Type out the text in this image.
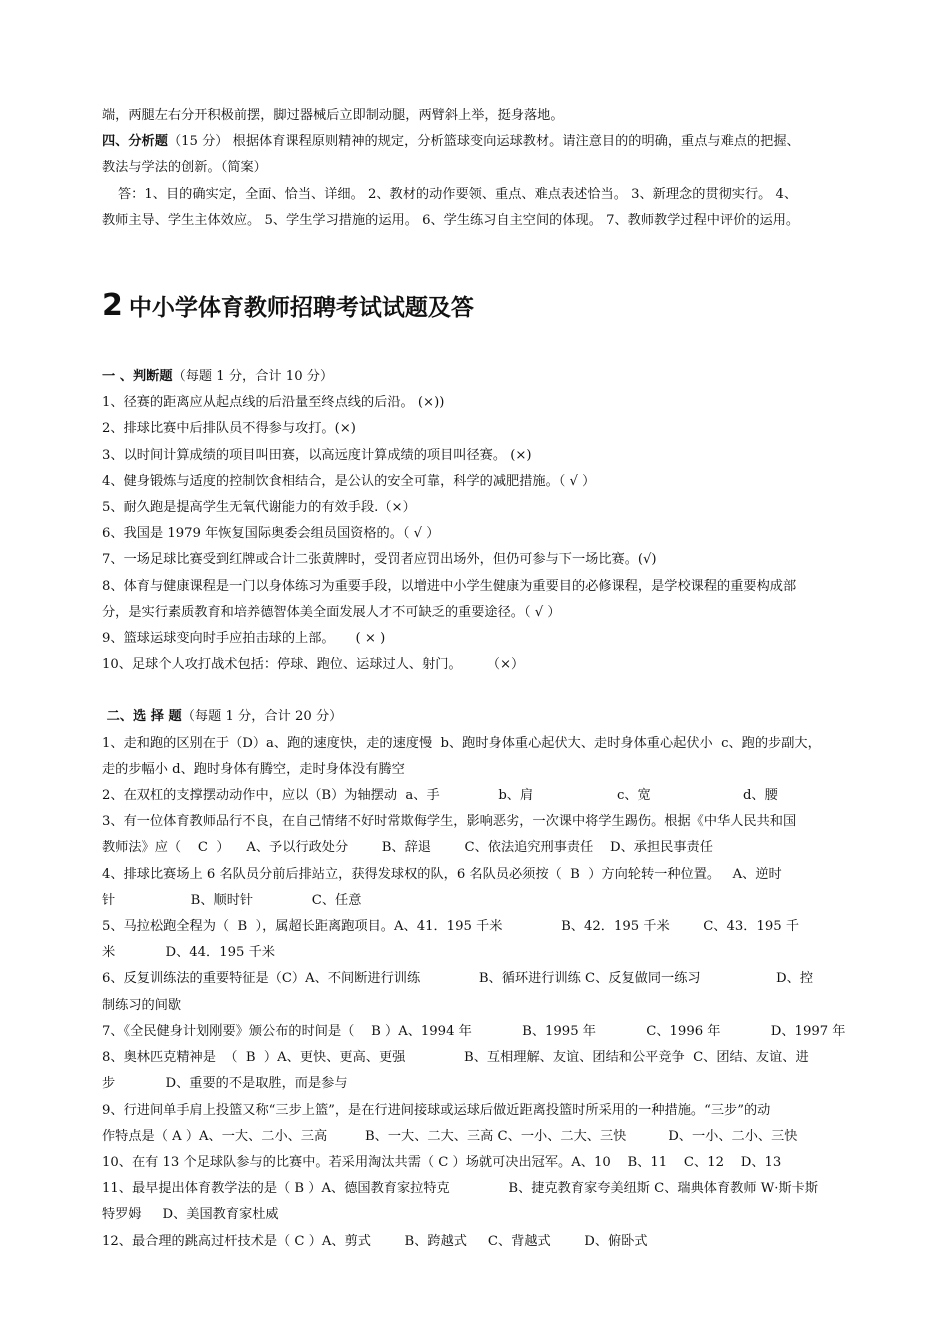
端，两腿左右分开积极前摆，脚过器械后立即制动腿，两臂斜上举，挺身落地。
四、分析题（15 分） 根据体育课程原则精神的规定，分析篮球变向运球教材。请注意目的的明确，重点与难点的把握、
教法与学法的创新。（简案）
答：1、目的确实定，全面、恰当、详细。 2、教材的动作要领、重点、难点表述恰当。 3、新理念的贯彻实行。 4、
教师主导、学生主体效应。 5、学生学习措施的运用。 6、学生练习自主空间的体现。 7、教师教学过程中评价的运用。
2 中小学体育教师招聘考试试题及答
一 、判断题（每题 1 分，合计 10 分）
1、径赛的距离应从起点线的后沿量至终点线的后沿。 (×))
2、排球比赛中后排队员不得参与攻打。(×)
3、以时间计算成绩的项目叫田赛，以高远度计算成绩的项目叫径赛。 (×)
4、健身锻炼与适度的控制饮食相结合，是公认的安全可靠，科学的减肥措施。（ √ ）
5、耐久跑是提高学生无氧代谢能力的有效手段.（×）
6、我国是 1979 年恢复国际奥委会组员国资格的。（ √ ）
7、一场足球比赛受到红牌或合计二张黄牌时，受罚者应罚出场外，但仍可参与下一场比赛。(√)
8、体育与健康课程是一门以身体练习为重要手段，以增进中小学生健康为重要目的必修课程，是学校课程的重要构成部
分，是实行素质教育和培养德智体美全面发展人才不可缺乏的重要途径。（ √ ）
9、篮球运球变向时手应拍击球的上部。     ( × )
10、足球个人攻打战术包括：停球、跑位、运球过人、射门。      （×）
二、选 择 题（每题 1 分，合计 20 分）
1、走和跑的区别在于（D）a、跑的速度快，走的速度慢  b、跑时身体重心起伏大、走时身体重心起伏小  c、跑的步副大，
走的步幅小 d、跑时身体有腾空，走时身体没有腾空
2、在双杠的支撑摆动动作中，应以（B）为轴摆动  a、手              b、肩                    c、宽                      d、腰
3、有一位体育教师品行不良，在自己情绪不好时常欺侮学生，影响恶劣，一次课中将学生踢伤。根据《中华人民共和国
教师法》应（    C  ）    A、予以行政处分        B、辞退        C、依法追究刑事责任    D、承担民事责任
4、排球比赛场上 6 名队员分前后排站立，获得发球权的队，6 名队员必须按（  B  ）方向轮转一种位置。   A、逆时
针                  B、顺时针              C、任意
5、马拉松跑全程为（  B  ），属超长距离跑项目。A、41．195 千米              B、42．195 千米        C、43．195 千
米            D、44．195 千米
6、反复训练法的重要特征是（C）A、不间断进行训练              B、循环进行训练 C、反复做同一练习                  D、控
制练习的间歇
7、《全民健身计划刚要》颁公布的时间是（    B ）A、1994 年            B、1995 年            C、1996 年            D、1997 年
8、奥林匹克精神是  （  B  ）A、更快、更高、更强              B、互相理解、友谊、团结和公平竞争  C、团结、友谊、进
步            D、重要的不是取胜，而是参与
9、行进间单手肩上投篮又称“三步上篮”，是在行进间接球或运球后做近距离投篮时所采用的一种措施。“三步”的动
作特点是（ A ）A、一大、二小、三高         B、一大、二大、三高 C、一小、二大、三快          D、一小、二小、三快
10、在有 13 个足球队参与的比赛中。若采用淘汰共需（ C ）场就可决出冠军。A、10    B、11    C、12    D、13
11、最早提出体育教学法的是（ B ）A、德国教育家拉特克              B、捷克教育家夸美纽斯 C、瑞典体育教师 W·斯卡斯
特罗姆     D、美国教育家杜威
12、最合理的跳高过杆技术是（ C ）A、剪式        B、跨越式     C、背越式        D、俯卧式
